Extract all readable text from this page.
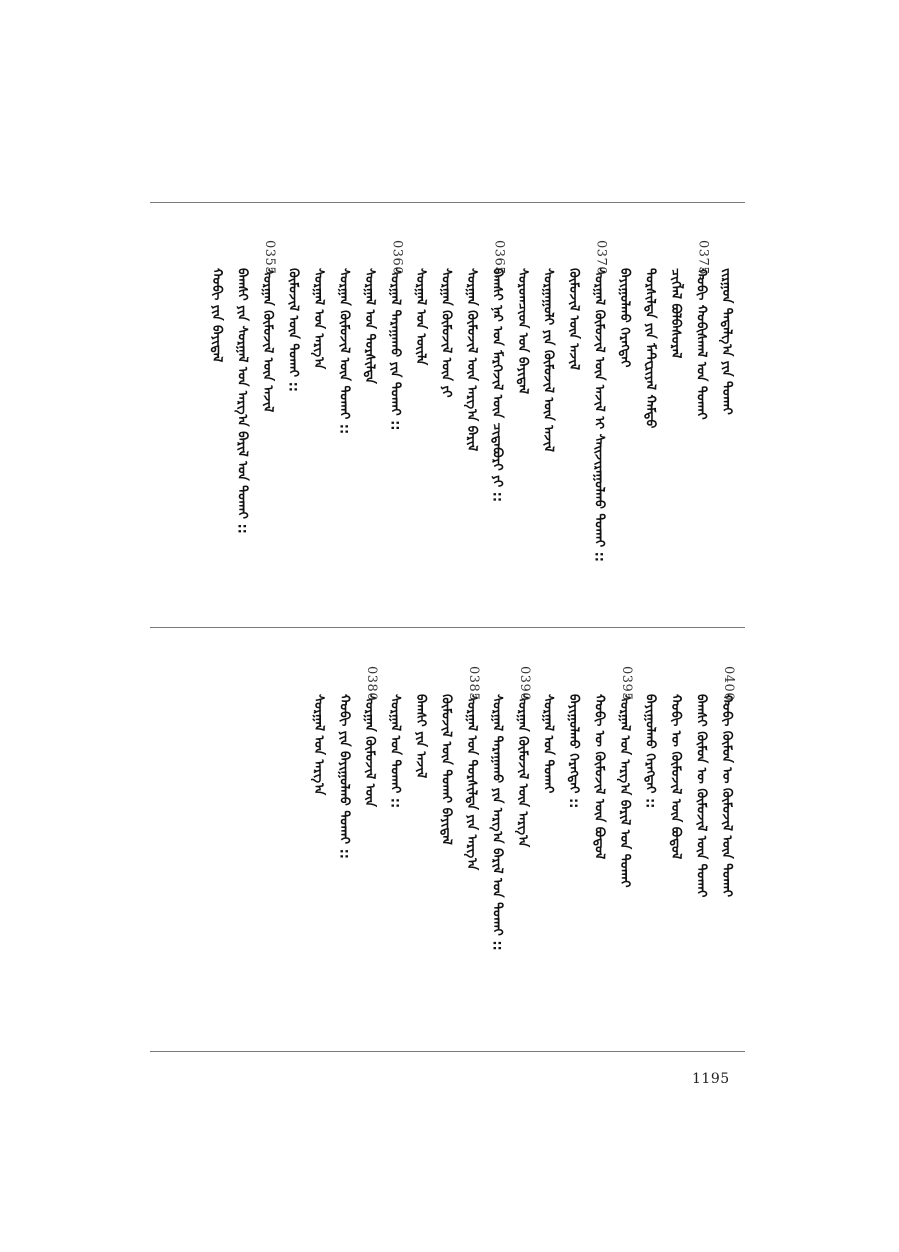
ᠵᠢᠷᠭᠤᠨ ᠲᠠᠲᠠᠯᠭ᠎ᠠ ᠶᠢᠨ ᠲᠤᠬᠠᠢ
ᠬᠤᠪᠢ ᠬᠤᠪᠢᠰᠬᠠᠯ ᠤᠨ ᠲᠤᠬᠠᠢ
0375.
ᠴᠢᠭᠯᠡᠯ ᠪᠤᠯᠪᠠᠰᠤᠷᠠᠯ
ᠲᠤᠷᠰᠢᠯᠲᠠ ᠶᠢᠨ ᠮᠠᠲᠸᠷᠢᠶᠠᠯ ᠬᠠᠮᠲᠤ
ᠪᠠᠶᠢᠭᠤᠯᠬᠤ ᠬᠡᠷᠡᠭᠲᠡᠢ
ᠰᠤᠷᠭᠠᠯ ᠬᠦᠮᠦᠵᠢᠯ ᠦᠨ ᠠᠵᠢᠯ ᠢ ᠰᠠᠢᠵᠢᠷᠠᠭᠤᠯᠬᠤ ᠲᠤᠬᠠᠢ ::
0370.
ᠬᠦᠮᠦᠵᠢᠯ ᠦᠨ ᠠᠵᠢᠯ
ᠰᠤᠷᠭᠠᠭᠤᠯᠢ ᠶᠢᠨ ᠬᠦᠮᠦᠵᠢᠯ ᠦᠨ ᠠᠵᠢᠯ
ᠰᠤᠷᠤᠭᠴᠢᠳ ᠤᠨ ᠪᠠᠶᠢᠳᠠᠯ
ᠪᠠᠭᠰᠢ ᠨᠠᠷ ᠤᠨ ᠮᠡᠷᠭᠡᠵᠢᠯ ᠦᠨ ᠴᠢᠳᠠᠪᠤᠷᠢ ᠶᠢ ::
0365.
ᠰᠤᠷᠭᠠᠨ ᠬᠦᠮᠦᠵᠢᠯ ᠦᠨ ᠠᠷᠭ᠎ᠠ ᠪᠠᠷᠢᠯ
ᠰᠤᠷᠭᠠᠨ ᠬᠦᠮᠦᠵᠢᠯ ᠦᠨ ᠶᠢ
ᠰᠤᠷᠭᠠᠯ ᠤᠨ ᠦᠢᠯᠡ
ᠰᠤᠷᠭᠠᠯ ᠲᠠᠷᠠᠭᠠᠬᠤ ᠶᠢᠨ ᠲᠤᠬᠠᠢ ::
0360.
ᠰᠤᠷᠭᠠᠯ ᠤᠨ ᠲᠤᠷᠰᠢᠯᠲᠠ
ᠰᠤᠷᠭᠠᠨ ᠬᠦᠮᠦᠵᠢᠯ ᠦᠨ ᠲᠤᠬᠠᠢ ::
ᠰᠤᠷᠭᠠᠯ ᠤᠨ ᠠᠷᠭ᠎ᠠ
ᠬᠦᠮᠦᠵᠢᠯ ᠦᠨ ᠲᠤᠬᠠᠢ ::
ᠰᠤᠷᠭᠠᠨ ᠬᠦᠮᠦᠵᠢᠯ ᠦᠨ ᠠᠵᠢᠯ
0355.
ᠪᠠᠭᠰᠢ ᠶᠢᠨ ᠰᠤᠷᠭᠠᠯ ᠤᠨ ᠠᠷᠭ᠎ᠠ ᠪᠠᠷᠢᠯ ᠤᠨ ᠲᠤᠬᠠᠢ ::
ᠬᠤᠪᠢ ᠶᠢᠨ ᠪᠠᠶᠢᠳᠠᠯ
ᠬᠤᠪᠢ ᠬᠦᠮᠦᠨ ᠦ ᠬᠦᠮᠦᠵᠢᠯ ᠦᠨ ᠲᠤᠬᠠᠢ
0400.
ᠪᠠᠭᠰᠢ ᠬᠦᠮᠦᠨ ᠦ ᠬᠦᠮᠦᠵᠢᠯ ᠦᠨ ᠲᠤᠬᠠᠢ
ᠬᠤᠪᠢ ᠦ ᠬᠦᠮᠦᠵᠢᠯ ᠦᠨ ᠪᠤᠳᠤᠯ
ᠪᠠᠶᠢᠭᠤᠯᠬᠤ ᠬᠡᠷᠡᠭᠲᠡᠢ ::
ᠰᠤᠷᠭᠠᠯ ᠤᠨ ᠠᠷᠭ᠎ᠠ ᠪᠠᠷᠢᠯ ᠤᠨ ᠲᠤᠬᠠᠢ
0395.
ᠬᠤᠪᠢ ᠦ ᠬᠦᠮᠦᠵᠢᠯ ᠦᠨ ᠪᠤᠳᠤᠯ
ᠪᠠᠶᠢᠭᠤᠯᠬᠤ ᠬᠡᠷᠡᠭᠲᠡᠢ ::
ᠰᠤᠷᠭᠠᠯ ᠤᠨ ᠲᠤᠬᠠᠢ
ᠰᠤᠷᠭᠠᠨ ᠬᠦᠮᠦᠵᠢᠯ ᠦᠨ ᠠᠷᠭ᠎ᠠ
0390.
ᠰᠤᠷᠭᠠᠯ ᠲᠠᠷᠠᠭᠠᠬᠤ ᠶᠢᠨ ᠠᠷᠭ᠎ᠠ ᠪᠠᠷᠢᠯ ᠤᠨ ᠲᠤᠬᠠᠢ ::
ᠰᠤᠷᠭᠠᠯ ᠤᠨ ᠲᠤᠷᠰᠢᠯᠲᠠ ᠶᠢᠨ ᠠᠷᠭ᠎ᠠ
0385.
ᠬᠦᠮᠦᠵᠢᠯ ᠦᠨ ᠲᠤᠬᠠᠢ ᠪᠠᠶᠢᠳᠠᠯ
ᠪᠠᠭᠰᠢ ᠶᠢᠨ ᠠᠵᠢᠯ
ᠰᠤᠷᠭᠠᠯ ᠤᠨ ᠲᠤᠬᠠᠢ ::
ᠰᠤᠷᠭᠠᠨ ᠬᠦᠮᠦᠵᠢᠯ ᠦᠨ
0380.
ᠬᠤᠪᠢ ᠶᠢᠨ ᠪᠠᠶᠢᠭᠤᠯᠬᠤ ᠲᠤᠬᠠᠢ ::
ᠰᠤᠷᠭᠠᠯ ᠤᠨ ᠠᠷᠭ᠎ᠠ
1195
